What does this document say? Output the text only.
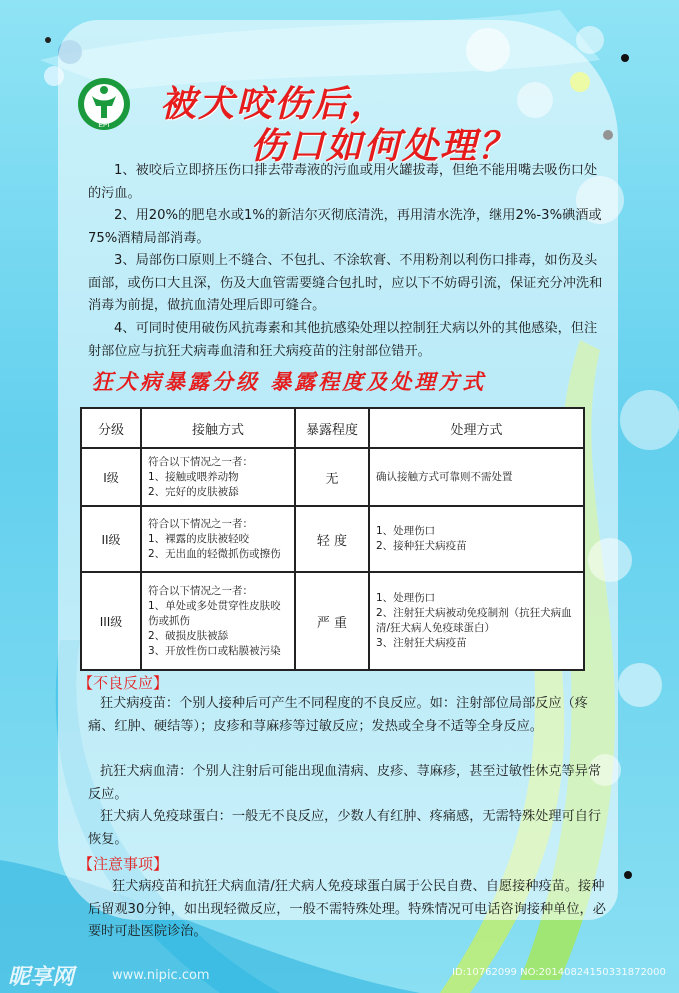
EPI
被犬咬伤后，
伤口如何处理？
1、被咬后立即挤压伤口排去带毒液的污血或用火罐拔毒，但绝不能用嘴去吸伤口处的污血。
2、用20%的肥皂水或1%的新洁尔灭彻底清洗，再用清水洗净，继用2%-3%碘酒或75%酒精局部消毒。
3、局部伤口原则上不缝合、不包扎、不涂软膏、不用粉剂以利伤口排毒，如伤及头面部，或伤口大且深，伤及大血管需要缝合包扎时，应以下不妨碍引流，保证充分冲洗和消毒为前提，做抗血清处理后即可缝合。
4、可同时使用破伤风抗毒素和其他抗感染处理以控制狂犬病以外的其他感染，但注射部位应与抗狂犬病毒血清和狂犬病疫苗的注射部位错开。
狂犬病暴露分级 暴露程度及处理方式
分级	接触方式	暴露程度	处理方式
I级	符合以下情况之一者：
1、接触或喂养动物
2、完好的皮肤被舔	无	确认接触方式可靠则不需处置
II级	符合以下情况之一者：
1、裸露的皮肤被轻咬
2、无出血的轻微抓伤或擦伤	轻 度	1、处理伤口
2、接种狂犬病疫苗
III级	符合以下情况之一者：
1、单处或多处贯穿性皮肤咬伤或抓伤
2、破损皮肤被舔
3、开放性伤口或粘膜被污染	严 重	1、处理伤口
2、注射狂犬病被动免疫制剂（抗狂犬病血清/狂犬病人免疫球蛋白）
3、注射狂犬病疫苗
【不良反应】
狂犬病疫苗：个别人接种后可产生不同程度的不良反应。如：注射部位局部反应（疼痛、红肿、硬结等）；皮疹和荨麻疹等过敏反应；发热或全身不适等全身反应。
抗狂犬病血清：个别人注射后可能出现血清病、皮疹、荨麻疹，甚至过敏性休克等异常反应。
狂犬病人免疫球蛋白：一般无不良反应，少数人有红肿、疼痛感，无需特殊处理可自行恢复。
【注意事项】
狂犬病疫苗和抗狂犬病血清/狂犬病人免疫球蛋白属于公民自费、自愿接种疫苗。接种后留观30分钟，如出现轻微反应，一般不需特殊处理。特殊情况可电话咨询接种单位，必要时可赴医院诊治。
昵享网	www.nipic.com	ID:10762099 NO:20140824150331872000
